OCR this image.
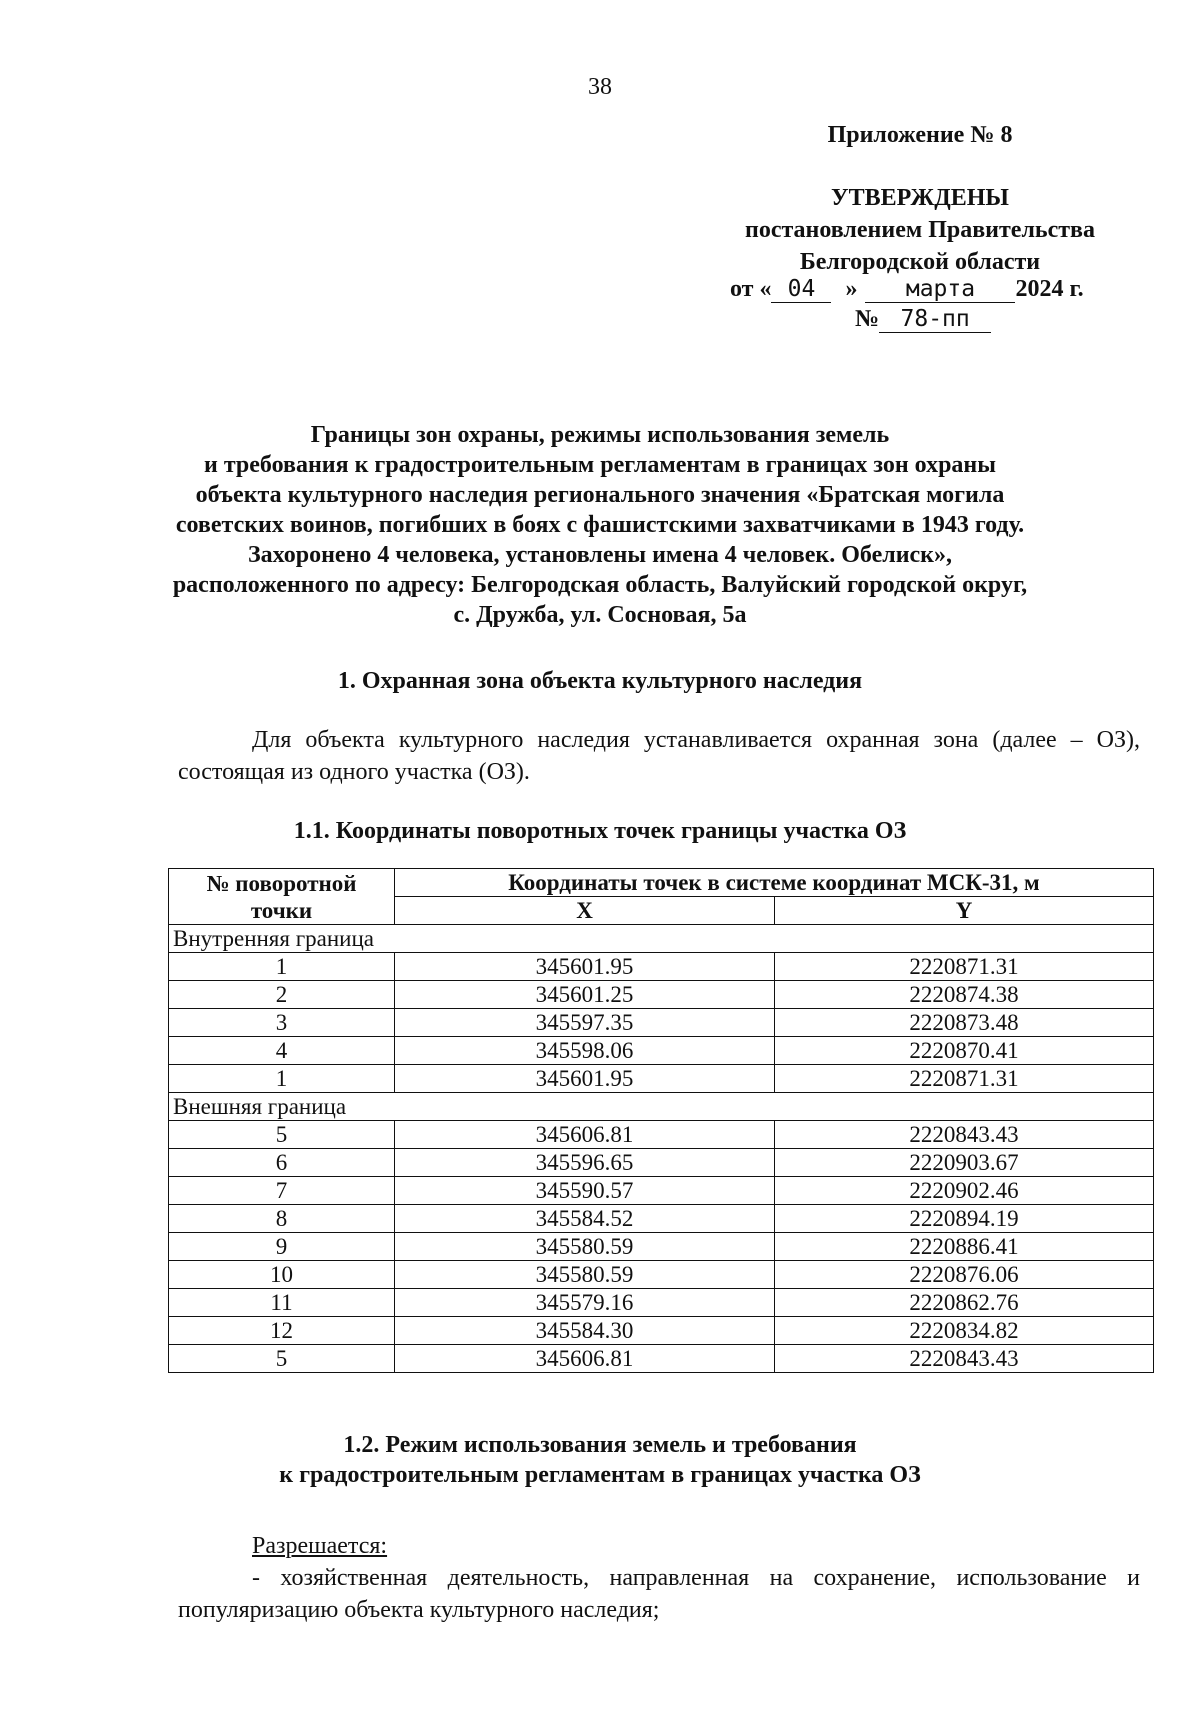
38
Приложение № 8
УТВЕРЖДЕНЫ
постановлением Правительства
Белгородской области
от « 04 » марта 2024 г.
№ 78-пп
Границы зон охраны, режимы использования земель
и требования к градостроительным регламентам в границах зон охраны
объекта культурного наследия регионального значения «Братская могила
советских воинов, погибших в боях с фашистскими захватчиками в 1943 году.
Захоронено 4 человека, установлены имена 4 человек. Обелиск»,
расположенного по адресу: Белгородская область, Валуйский городской округ,
с. Дружба, ул. Сосновая, 5а
1. Охранная зона объекта культурного наследия
Для объекта культурного наследия устанавливается охранная зона (далее – ОЗ), состоящая из одного участка (ОЗ).
1.1. Координаты поворотных точек границы участка ОЗ
№ поворотной точки	Координаты точек в системе координат МСК-31, м	
	X	Y
Внутренняя граница		
1	345601.95	2220871.31
2	345601.25	2220874.38
3	345597.35	2220873.48
4	345598.06	2220870.41
1	345601.95	2220871.31
Внешняя граница		
5	345606.81	2220843.43
6	345596.65	2220903.67
7	345590.57	2220902.46
8	345584.52	2220894.19
9	345580.59	2220886.41
10	345580.59	2220876.06
11	345579.16	2220862.76
12	345584.30	2220834.82
5	345606.81	2220843.43
1.2. Режим использования земель и требования
к градостроительным регламентам в границах участка ОЗ
Разрешается:
- хозяйственная деятельность, направленная на сохранение, использование и популяризацию объекта культурного наследия;
